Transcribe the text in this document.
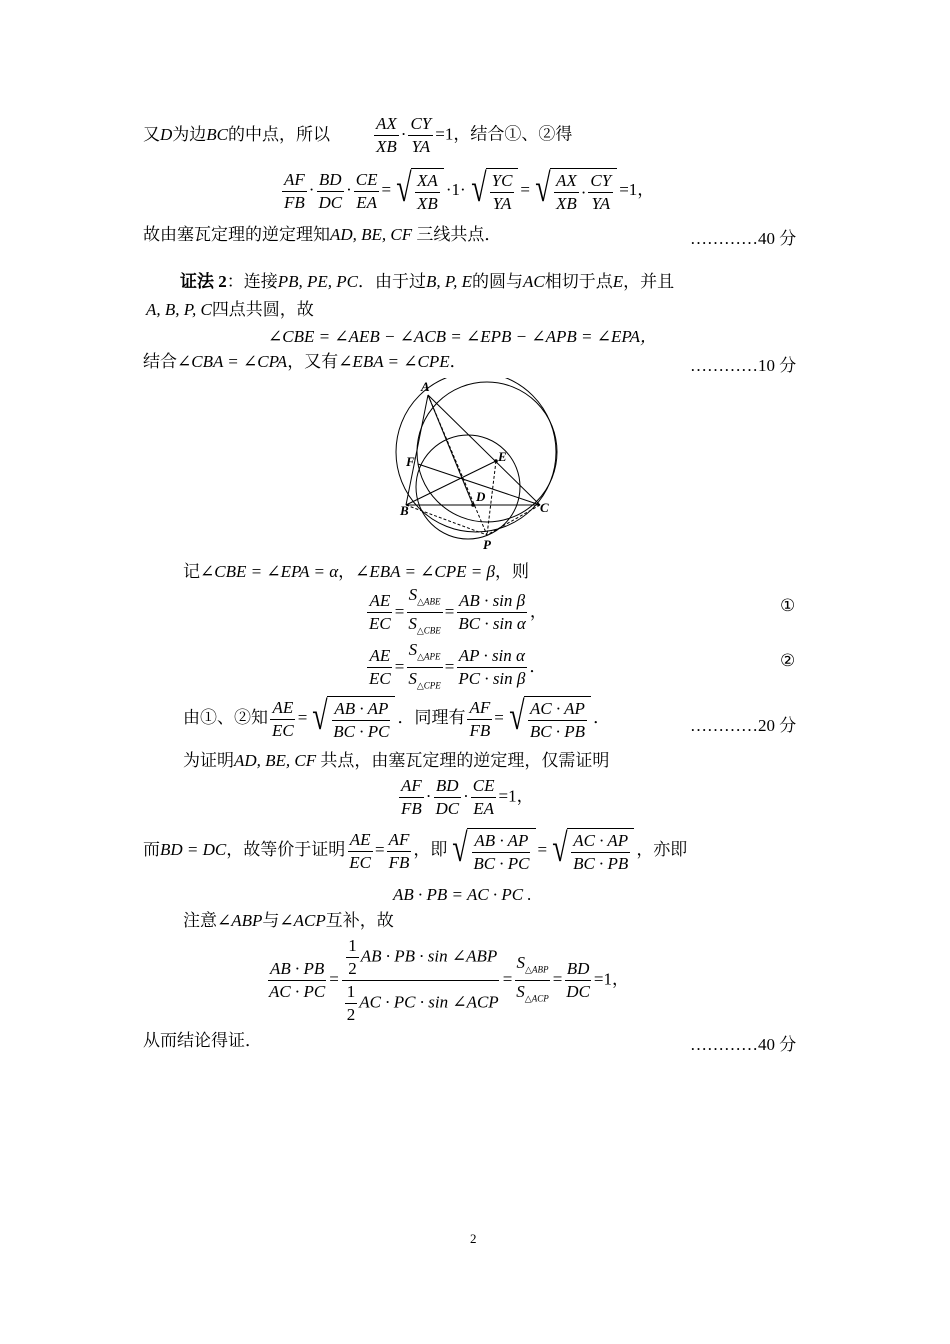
又D为边BC的中点，所以	$\frac{AX}{XB} \cdot \frac{CY}{YA} =1$，结合①、②得
$\frac{AF}{FB} \cdot \frac{BD}{DC} \cdot \frac{CE}{EA}$ = √ $\frac{XA}{XB} \cdot 1\cdot$ √ $\frac{YC}{YA}$ = √ $\frac{AX}{XB} \cdot \frac{CY}{YA} =1$，
故由塞瓦定理的逆定理知AD, BE, CF 三线共点．	…………40 分
证法 2：连接PB, PE, PC．由于过B, P, E的圆与AC相切于点E，并且
A, B, P, C四点共圆，故
∠CBE = ∠AEB − ∠ACB = ∠EPB − ∠APB = ∠EPA，
结合∠CBA = ∠CPA，又有∠EBA = ∠CPE．	…………10 分
A
F	E
D
B	C
P
记∠CBE = ∠EPA = α，∠EBA = ∠CPE = β，则
$\frac{AE}{EC} = \frac{S_{\triangle ABE}}{S_{\triangle CBE}} = \frac{\text{AB · sin β}}{\text{BC · sin α}}$ ，	①
$\frac{AE}{EC} = \frac{S_{\triangle APE}}{S_{\triangle CPE}} = \frac{\text{AP · sin α}}{\text{PC · sin β}}$ ．	②
由①、②知 $\frac{AE}{EC}$ = √ $\frac{AB \cdot AP}{BC \cdot PC}$ ．同理有 $\frac{AF}{FB}$ = √ $\frac{AC \cdot AP}{BC \cdot PB}$ ．	…………20 分
为证明AD, BE, CF 共点，由塞瓦定理的逆定理，仅需证明
$\frac{AF}{FB} \cdot \frac{BD}{DC} \cdot \frac{CE}{EA} =1$，
而BD = DC，故等价于证明 $\frac{AE}{EC} = \frac{AF}{FB}$ ，即 √ $\frac{AB \cdot AP}{BC \cdot PC}$ = √ $\frac{AC \cdot AP}{BC \cdot PB}$ ，亦即
AB · PB = AC · PC .
注意∠ABP与∠ACP互补，故
$\frac{AB \cdot PB}{AC \cdot PC} = \frac{\frac{1}{2} AB \cdot PB \cdot \sin \angle ABP}{\frac{1}{2} AC \cdot PC \cdot \sin \angle ACP} = \frac{S_{\triangle ABP}}{S_{\triangle ACP}} = \frac{BD}{DC} =1$，
从而结论得证．	…………40 分
2
